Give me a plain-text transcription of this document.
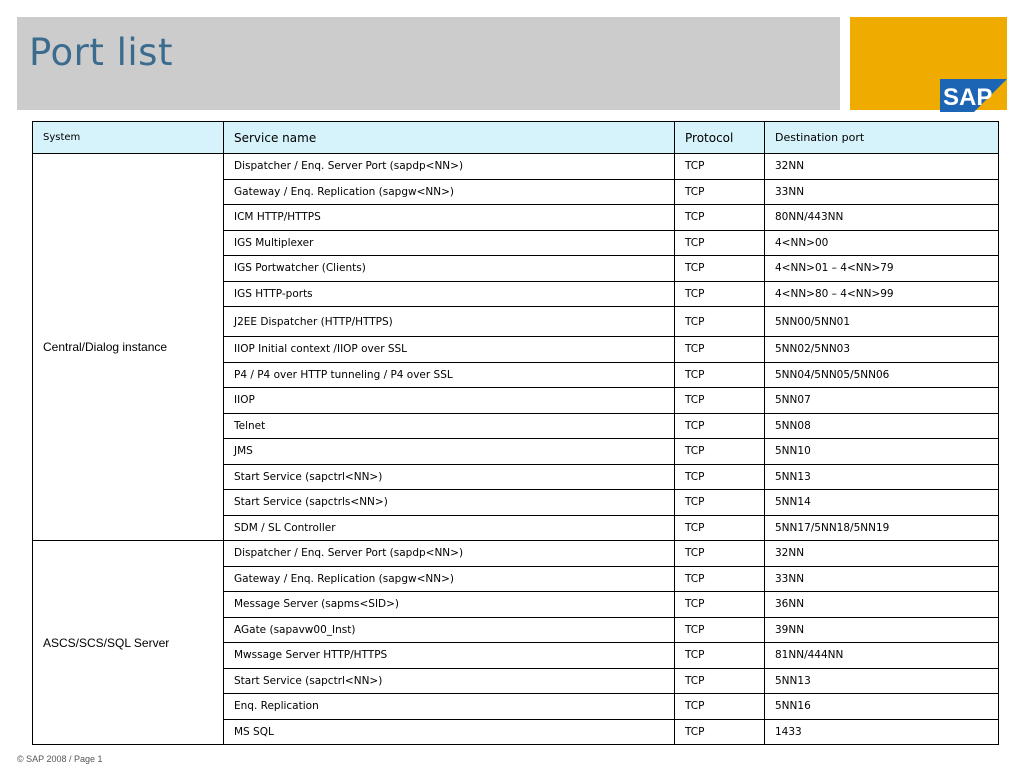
Port list
SAP
System	Service name	Protocol	Destination port
Central/Dialog instance	Dispatcher / Enq. Server Port (sapdp<NN>)	TCP	32NN
	Gateway / Enq. Replication (sapgw<NN>)	TCP	33NN
	ICM HTTP/HTTPS	TCP	80NN/443NN
	IGS Multiplexer	TCP	4<NN>00
	IGS Portwatcher (Clients)	TCP	4<NN>01 – 4<NN>79
	IGS HTTP-ports	TCP	4<NN>80 – 4<NN>99
	J2EE Dispatcher (HTTP/HTTPS)	TCP	5NN00/5NN01
	IIOP Initial context /IIOP over SSL	TCP	5NN02/5NN03
	P4 / P4 over HTTP tunneling / P4 over SSL	TCP	5NN04/5NN05/5NN06
	IIOP	TCP	5NN07
	Telnet	TCP	5NN08
	JMS	TCP	5NN10
	Start Service (sapctrl<NN>)	TCP	5NN13
	Start Service (sapctrls<NN>)	TCP	5NN14
	SDM / SL Controller	TCP	5NN17/5NN18/5NN19
ASCS/SCS/SQL Server	Dispatcher / Enq. Server Port (sapdp<NN>)	TCP	32NN
	Gateway / Enq. Replication (sapgw<NN>)	TCP	33NN
	Message Server (sapms<SID>)	TCP	36NN
	AGate (sapavw00_Inst)	TCP	39NN
	Mwssage Server HTTP/HTTPS	TCP	81NN/444NN
	Start Service (sapctrl<NN>)	TCP	5NN13
	Enq. Replication	TCP	5NN16
	MS SQL	TCP	1433
© SAP 2008 / Page 1
